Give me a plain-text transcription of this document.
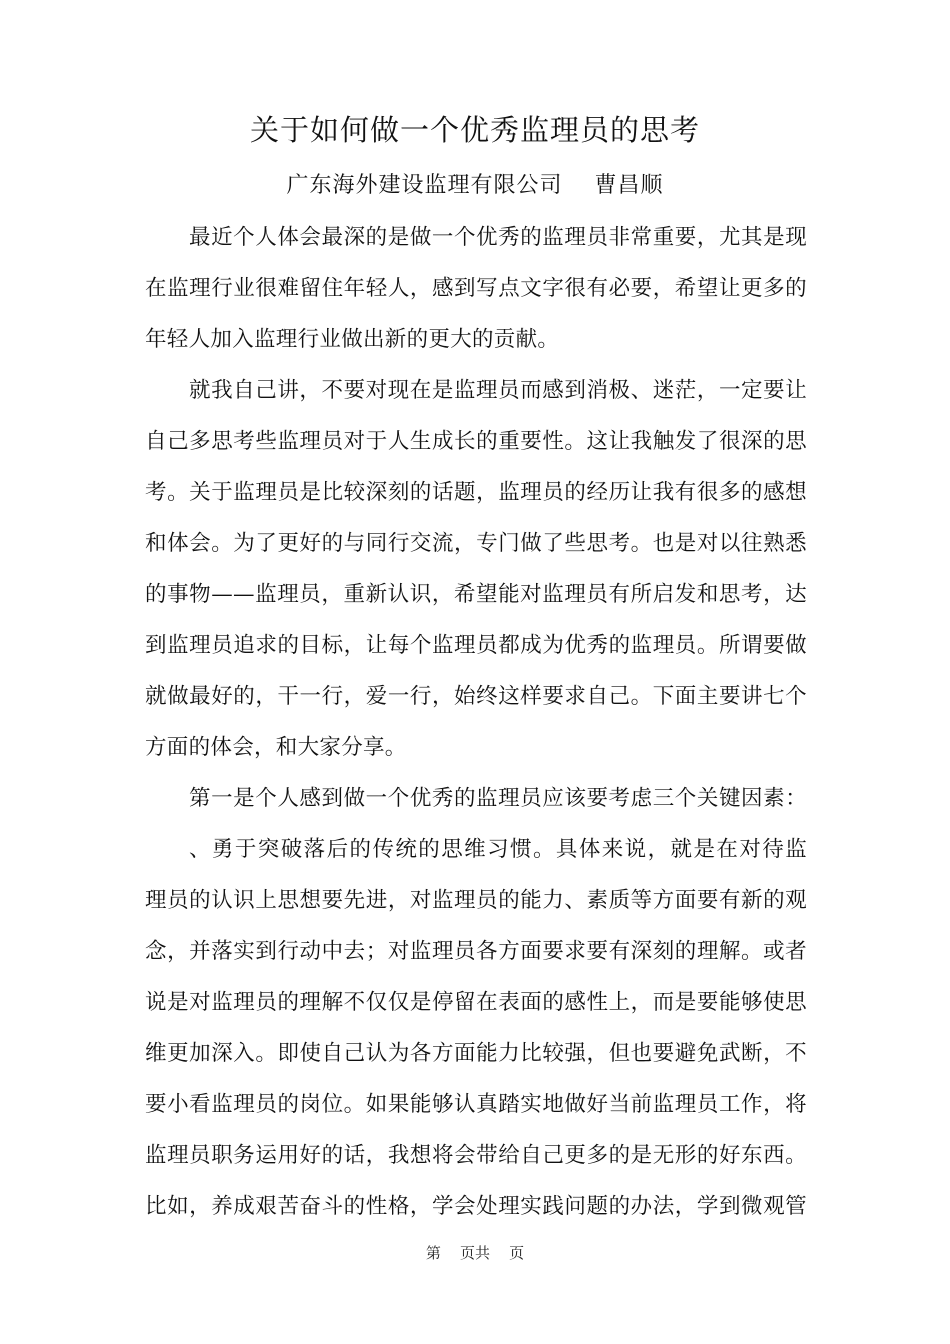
关于如何做一个优秀监理员的思考
广东海外建设监理有限公司    曹昌顺
最近个人体会最深的是做一个优秀的监理员非常重要，尤其是现
在监理行业很难留住年轻人，感到写点文字很有必要，希望让更多的
年轻人加入监理行业做出新的更大的贡献。
就我自己讲，不要对现在是监理员而感到消极、迷茫，一定要让
自己多思考些监理员对于人生成长的重要性。这让我触发了很深的思
考。关于监理员是比较深刻的话题，监理员的经历让我有很多的感想
和体会。为了更好的与同行交流，专门做了些思考。也是对以往熟悉
的事物——监理员，重新认识，希望能对监理员有所启发和思考，达
到监理员追求的目标，让每个监理员都成为优秀的监理员。所谓要做
就做最好的，干一行，爱一行，始终这样要求自己。下面主要讲七个
方面的体会，和大家分享。
第一是个人感到做一个优秀的监理员应该要考虑三个关键因素：
、勇于突破落后的传统的思维习惯。具体来说，就是在对待监
理员的认识上思想要先进，对监理员的能力、素质等方面要有新的观
念，并落实到行动中去；对监理员各方面要求要有深刻的理解。或者
说是对监理员的理解不仅仅是停留在表面的感性上，而是要能够使思
维更加深入。即使自己认为各方面能力比较强，但也要避免武断，不
要小看监理员的岗位。如果能够认真踏实地做好当前监理员工作，将
监理员职务运用好的话，我想将会带给自己更多的是无形的好东西。
比如，养成艰苦奋斗的性格，学会处理实践问题的办法，学到微观管
第    页共    页
